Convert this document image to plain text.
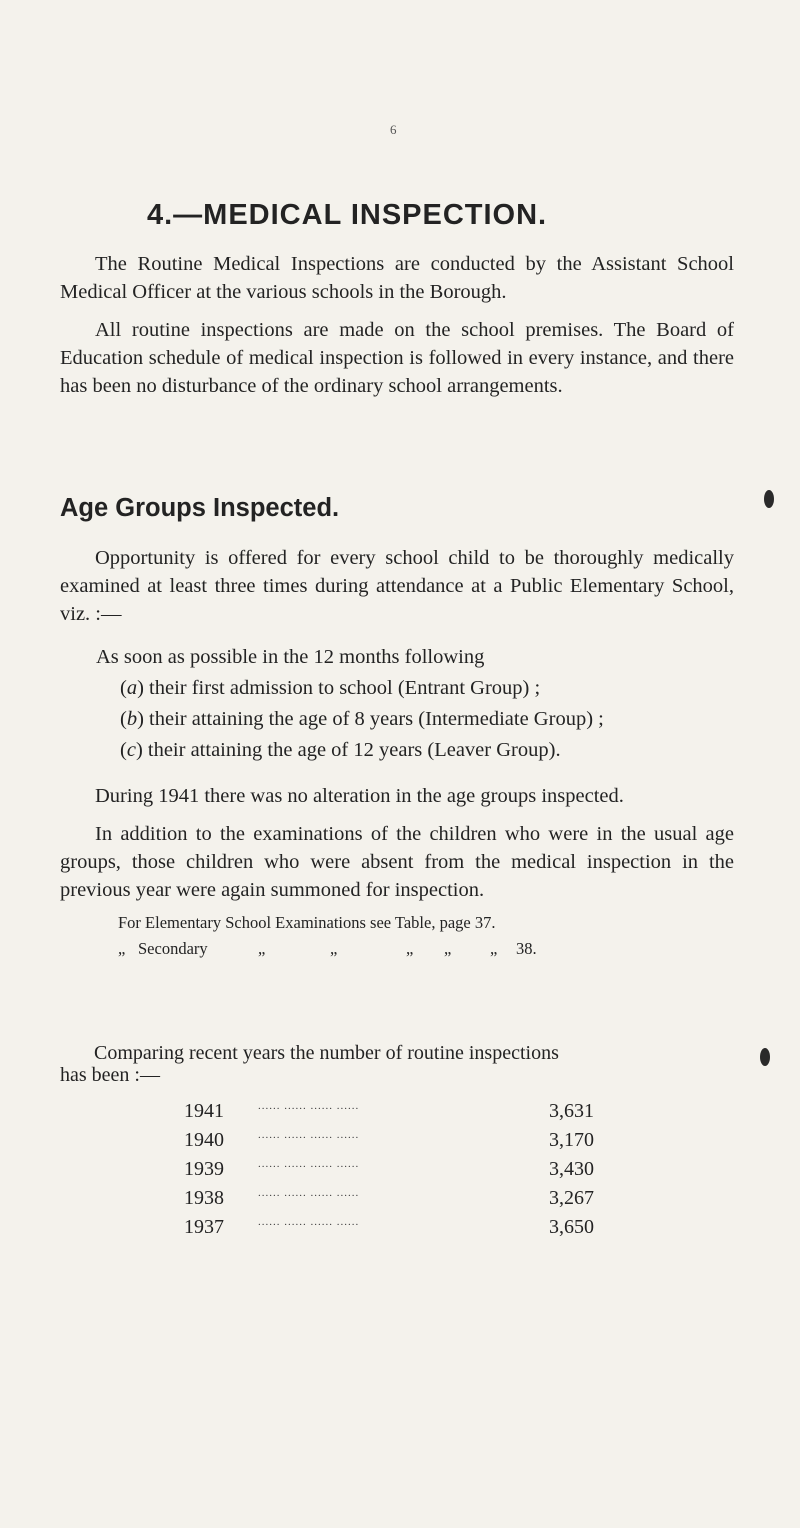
6
4.—MEDICAL INSPECTION.

The Routine Medical Inspections are conducted by the Assistant School Medical Officer at the various schools in the Borough.

All routine inspections are made on the school premises. The Board of Education schedule of medical inspection is followed in every instance, and there has been no disturbance of the ordinary school arrangements.

Age Groups Inspected.

Opportunity is offered for every school child to be thoroughly medically examined at least three times during attendance at a Public Elementary School, viz. :—

As soon as possible in the 12 months following

(a) their first admission to school (Entrant Group) ;

(b) their attaining the age of 8 years (Intermediate Group) ;

(c) their attaining the age of 12 years (Leaver Group).

During 1941 there was no alteration in the age groups inspected.

In addition to the examinations of the children who were in the usual age groups, those children who were absent from the medical inspection in the previous year were again summoned for inspection.

For Elementary School Examinations see Table, page 37.
„ Secondary	„	„	„ „ „ 38.
Comparing recent years the number of routine inspections
has been :—
1941	...... ...... ...... ......	3,631
1940	...... ...... ...... ......	3,170
1939	...... ...... ...... ......	3,430
1938	...... ...... ...... ......	3,267
1937	...... ...... ...... ......	3,650
